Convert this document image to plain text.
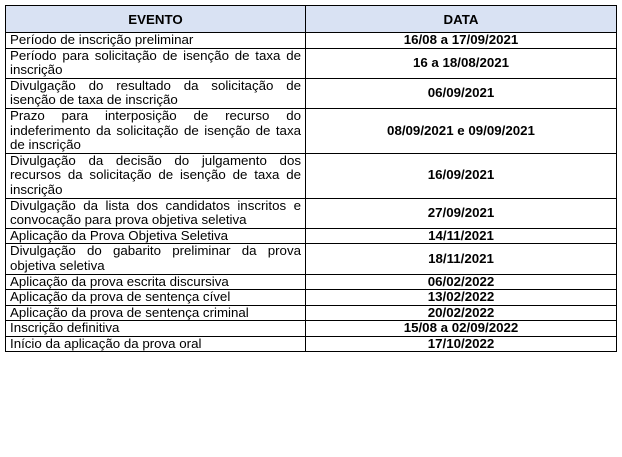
EVENTO	DATA
Período de inscrição preliminar	16/08 a 17/09/2021
Período para solicitação de isenção de taxa de inscrição	16 a 18/08/2021
Divulgação do resultado da solicitação de isenção de taxa de inscrição	06/09/2021
Prazo para interposição de recurso do indeferimento da solicitação de isenção de taxa de inscrição	08/09/2021 e 09/09/2021
Divulgação da decisão do julgamento dos recursos da solicitação de isenção de taxa de inscrição	16/09/2021
Divulgação da lista dos candidatos inscritos e convocação para prova objetiva seletiva	27/09/2021
Aplicação da Prova Objetiva Seletiva	14/11/2021
Divulgação do gabarito preliminar da prova objetiva seletiva	18/11/2021
Aplicação da prova escrita discursiva	06/02/2022
Aplicação da prova de sentença cível	13/02/2022
Aplicação da prova de sentença criminal	20/02/2022
Inscrição definitiva	15/08 a 02/09/2022
Início da aplicação da prova oral	17/10/2022
